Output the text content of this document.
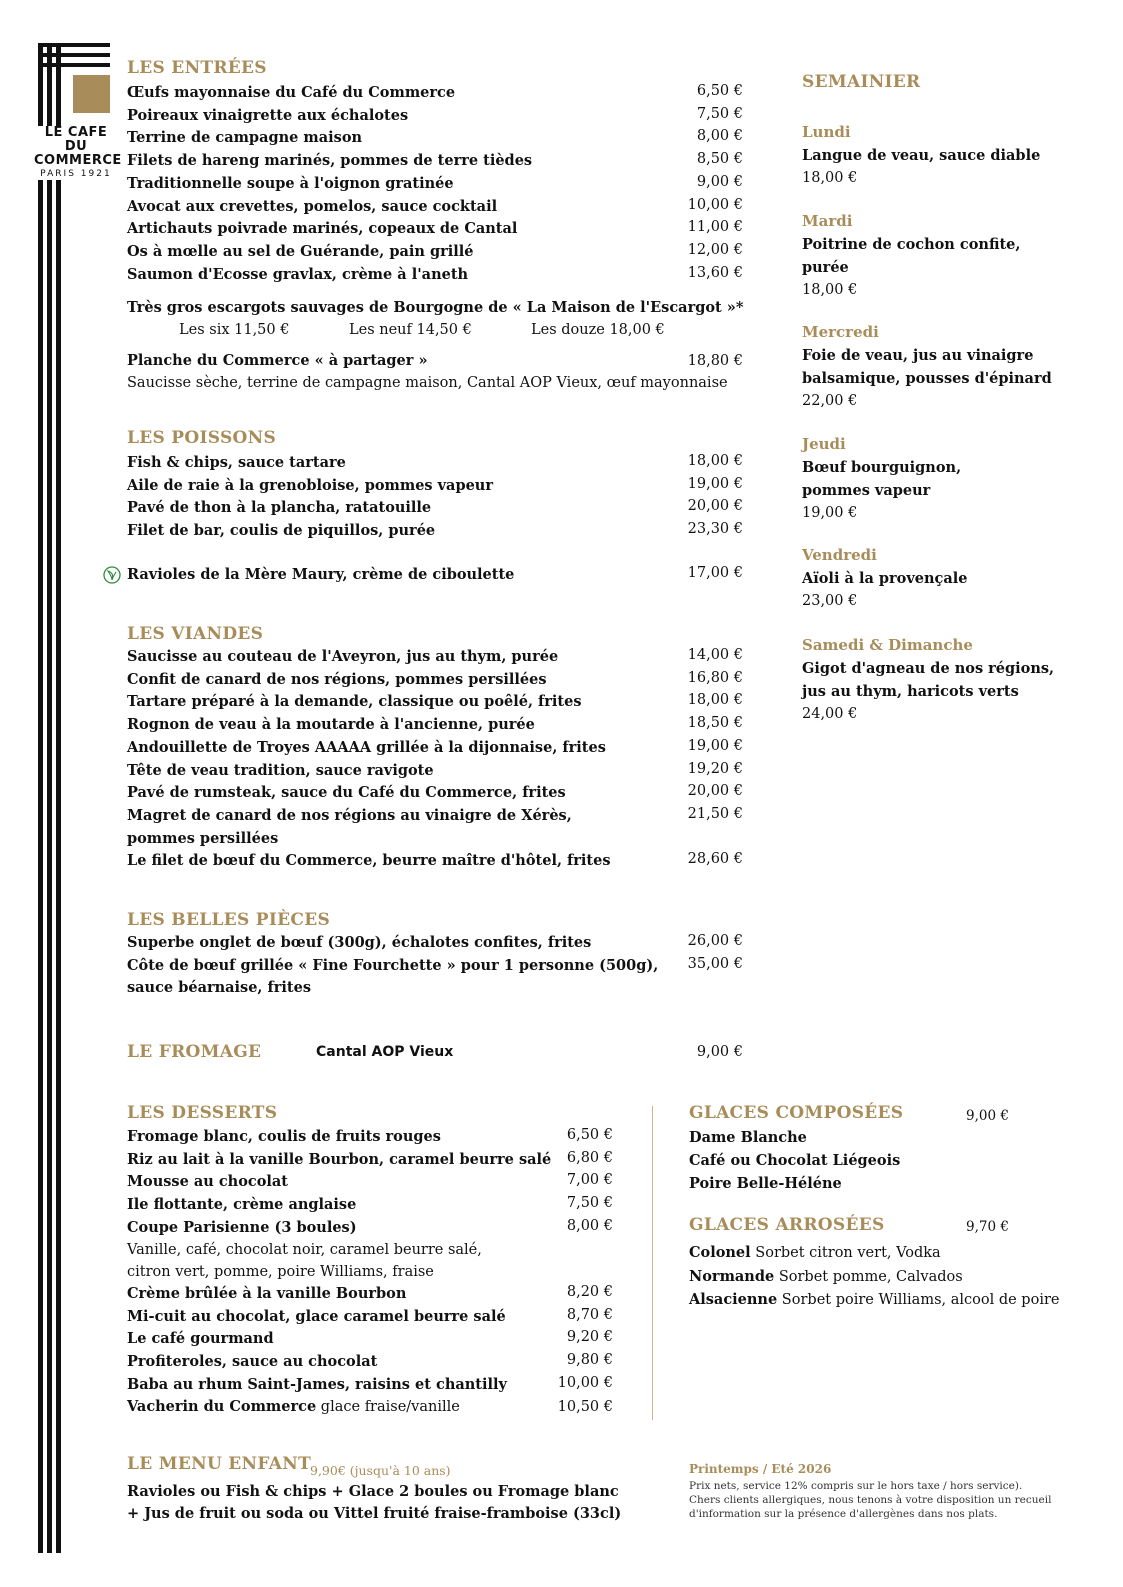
LE CAFE DU
COMMERCE
PARIS 1921
LES ENTRÉES
Œufs mayonnaise du Café du Commerce	6,50 €
Poireaux vinaigrette aux échalotes	7,50 €
Terrine de campagne maison	8,00 €
Filets de hareng marinés, pommes de terre tièdes	8,50 €
Traditionnelle soupe à l'oignon gratinée	9,00 €
Avocat aux crevettes, pomelos, sauce cocktail	10,00 €
Artichauts poivrade marinés, copeaux de Cantal	11,00 €
Os à mœlle au sel de Guérande, pain grillé	12,00 €
Saumon d'Ecosse gravlax, crème à l'aneth	13,60 €
Très gros escargots sauvages de Bourgogne de « La Maison de l'Escargot »*
Les six 11,50 €	Les neuf 14,50 €	Les douze 18,00 €
Planche du Commerce « à partager »	18,80 €
Saucisse sèche, terrine de campagne maison, Cantal AOP Vieux, œuf mayonnaise
LES POISSONS
Fish & chips, sauce tartare	18,00 €
Aile de raie à la grenobloise, pommes vapeur	19,00 €
Pavé de thon à la plancha, ratatouille	20,00 €
Filet de bar, coulis de piquillos, purée	23,30 €
Ravioles de la Mère Maury, crème de ciboulette	17,00 €
LES VIANDES
Saucisse au couteau de l'Aveyron, jus au thym, purée	14,00 €
Confit de canard de nos régions, pommes persillées	16,80 €
Tartare préparé à la demande, classique ou poêlé, frites	18,00 €
Rognon de veau à la moutarde à l'ancienne, purée	18,50 €
Andouillette de Troyes AAAAA grillée à la dijonnaise, frites	19,00 €
Tête de veau tradition, sauce ravigote	19,20 €
Pavé de rumsteak, sauce du Café du Commerce, frites	20,00 €
Magret de canard de nos régions au vinaigre de Xérès,	21,50 €
pommes persillées
Le filet de bœuf du Commerce, beurre maître d'hôtel, frites	28,60 €
LES BELLES PIÈCES
Superbe onglet de bœuf (300g), échalotes confites, frites	26,00 €
Côte de bœuf grillée « Fine Fourchette » pour 1 personne (500g), 35,00 €
sauce béarnaise, frites
LE FROMAGE	Cantal AOP Vieux	9,00 €
LES DESSERTS
Fromage blanc, coulis de fruits rouges	6,50 €
Riz au lait à la vanille Bourbon, caramel beurre salé 6,80 €
Mousse au chocolat	7,00 €
Ile flottante, crème anglaise	7,50 €
Coupe Parisienne (3 boules)	8,00 €
Vanille, café, chocolat noir, caramel beurre salé,
citron vert, pomme, poire Williams, fraise
Crème brûlée à la vanille Bourbon	8,20 €
Mi-cuit au chocolat, glace caramel beurre salé	8,70 €
Le café gourmand	9,20 €
Profiteroles, sauce au chocolat	9,80 €
Baba au rhum Saint-James, raisins et chantilly	10,00 €
Vacherin du Commerce glace fraise/vanille	10,50 €
LE MENU ENFANT
9,90€ (jusqu'à 10 ans)
Ravioles ou Fish & chips + Glace 2 boules ou Fromage blanc
+ Jus de fruit ou soda ou Vittel fruité fraise-framboise (33cl)
SEMAINIER
Lundi
Langue de veau, sauce diable
18,00 €
Mardi
Poitrine de cochon confite,
purée
18,00 €
Mercredi
Foie de veau, jus au vinaigre
balsamique, pousses d'épinard
22,00 €
Jeudi
Bœuf bourguignon,
pommes vapeur
19,00 €
Vendredi
Aïoli à la provençale
23,00 €
Samedi & Dimanche
Gigot d'agneau de nos régions,
jus au thym, haricots verts
24,00 €
GLACES COMPOSÉES	9,00 €
Dame Blanche
Café ou Chocolat Liégeois
Poire Belle-Héléne
GLACES ARROSÉES	9,70 €
Colonel Sorbet citron vert, Vodka
Normande Sorbet pomme, Calvados
Alsacienne Sorbet poire Williams, alcool de poire
Printemps / Eté 2026
Prix nets, service 12% compris sur le hors taxe / hors service).
Chers clients allergiques, nous tenons à votre disposition un recueil
d'information sur la présence d'allergènes dans nos plats.
